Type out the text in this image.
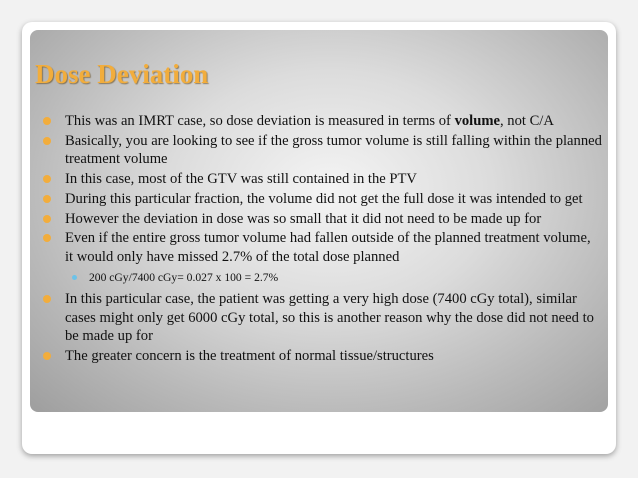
Dose Deviation
This was an IMRT case, so dose deviation is measured in terms of volume, not C/A
Basically, you are looking to see if the gross tumor volume is still falling within the planned treatment volume
In this case, most of the GTV was still contained in the PTV
During this particular fraction, the volume did not get the full dose it was intended to get
However the deviation in dose was so small that it did not need to be made up for
Even if the entire gross tumor volume had fallen outside of the planned treatment volume, it would only have missed 2.7% of the total dose planned
200 cGy/7400 cGy= 0.027 x 100 = 2.7%
In this particular case, the patient was getting a very high dose (7400 cGy total), similar cases might only get 6000 cGy total, so this is another reason why the dose did not need to be made up for
The greater concern is the treatment of normal tissue/structures
